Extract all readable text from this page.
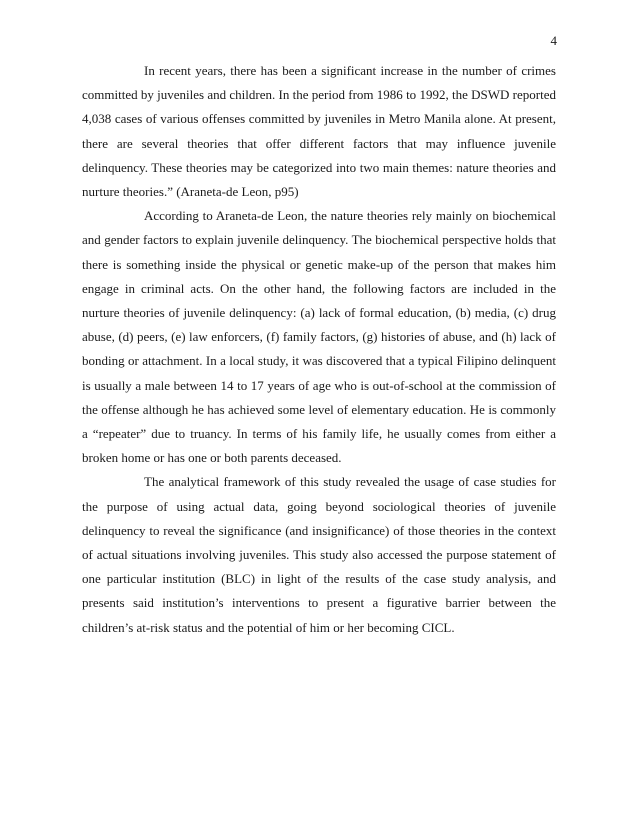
4

In recent years, there has been a significant increase in the number of crimes committed by juveniles and children. In the period from 1986 to 1992, the DSWD reported 4,038 cases of various offenses committed by juveniles in Metro Manila alone. At present, there are several theories that offer different factors that may influence juvenile delinquency. These theories may be categorized into two main themes: nature theories and nurture theories.” (Araneta-de Leon, p95)

According to Araneta-de Leon, the nature theories rely mainly on biochemical and gender factors to explain juvenile delinquency. The biochemical perspective holds that there is something inside the physical or genetic make-up of the person that makes him engage in criminal acts. On the other hand, the following factors are included in the nurture theories of juvenile delinquency: (a) lack of formal education, (b) media, (c) drug abuse, (d) peers, (e) law enforcers, (f) family factors, (g) histories of abuse, and (h) lack of bonding or attachment. In a local study, it was discovered that a typical Filipino delinquent is usually a male between 14 to 17 years of age who is out-of-school at the commission of the offense although he has achieved some level of elementary education. He is commonly a “repeater” due to truancy. In terms of his family life, he usually comes from either a broken home or has one or both parents deceased.

The analytical framework of this study revealed the usage of case studies for the purpose of using actual data, going beyond sociological theories of juvenile delinquency to reveal the significance (and insignificance) of those theories in the context of actual situations involving juveniles. This study also accessed the purpose statement of one particular institution (BLC) in light of the results of the case study analysis, and presents said institution’s interventions to present a figurative barrier between the children’s at-risk status and the potential of him or her becoming CICL.
